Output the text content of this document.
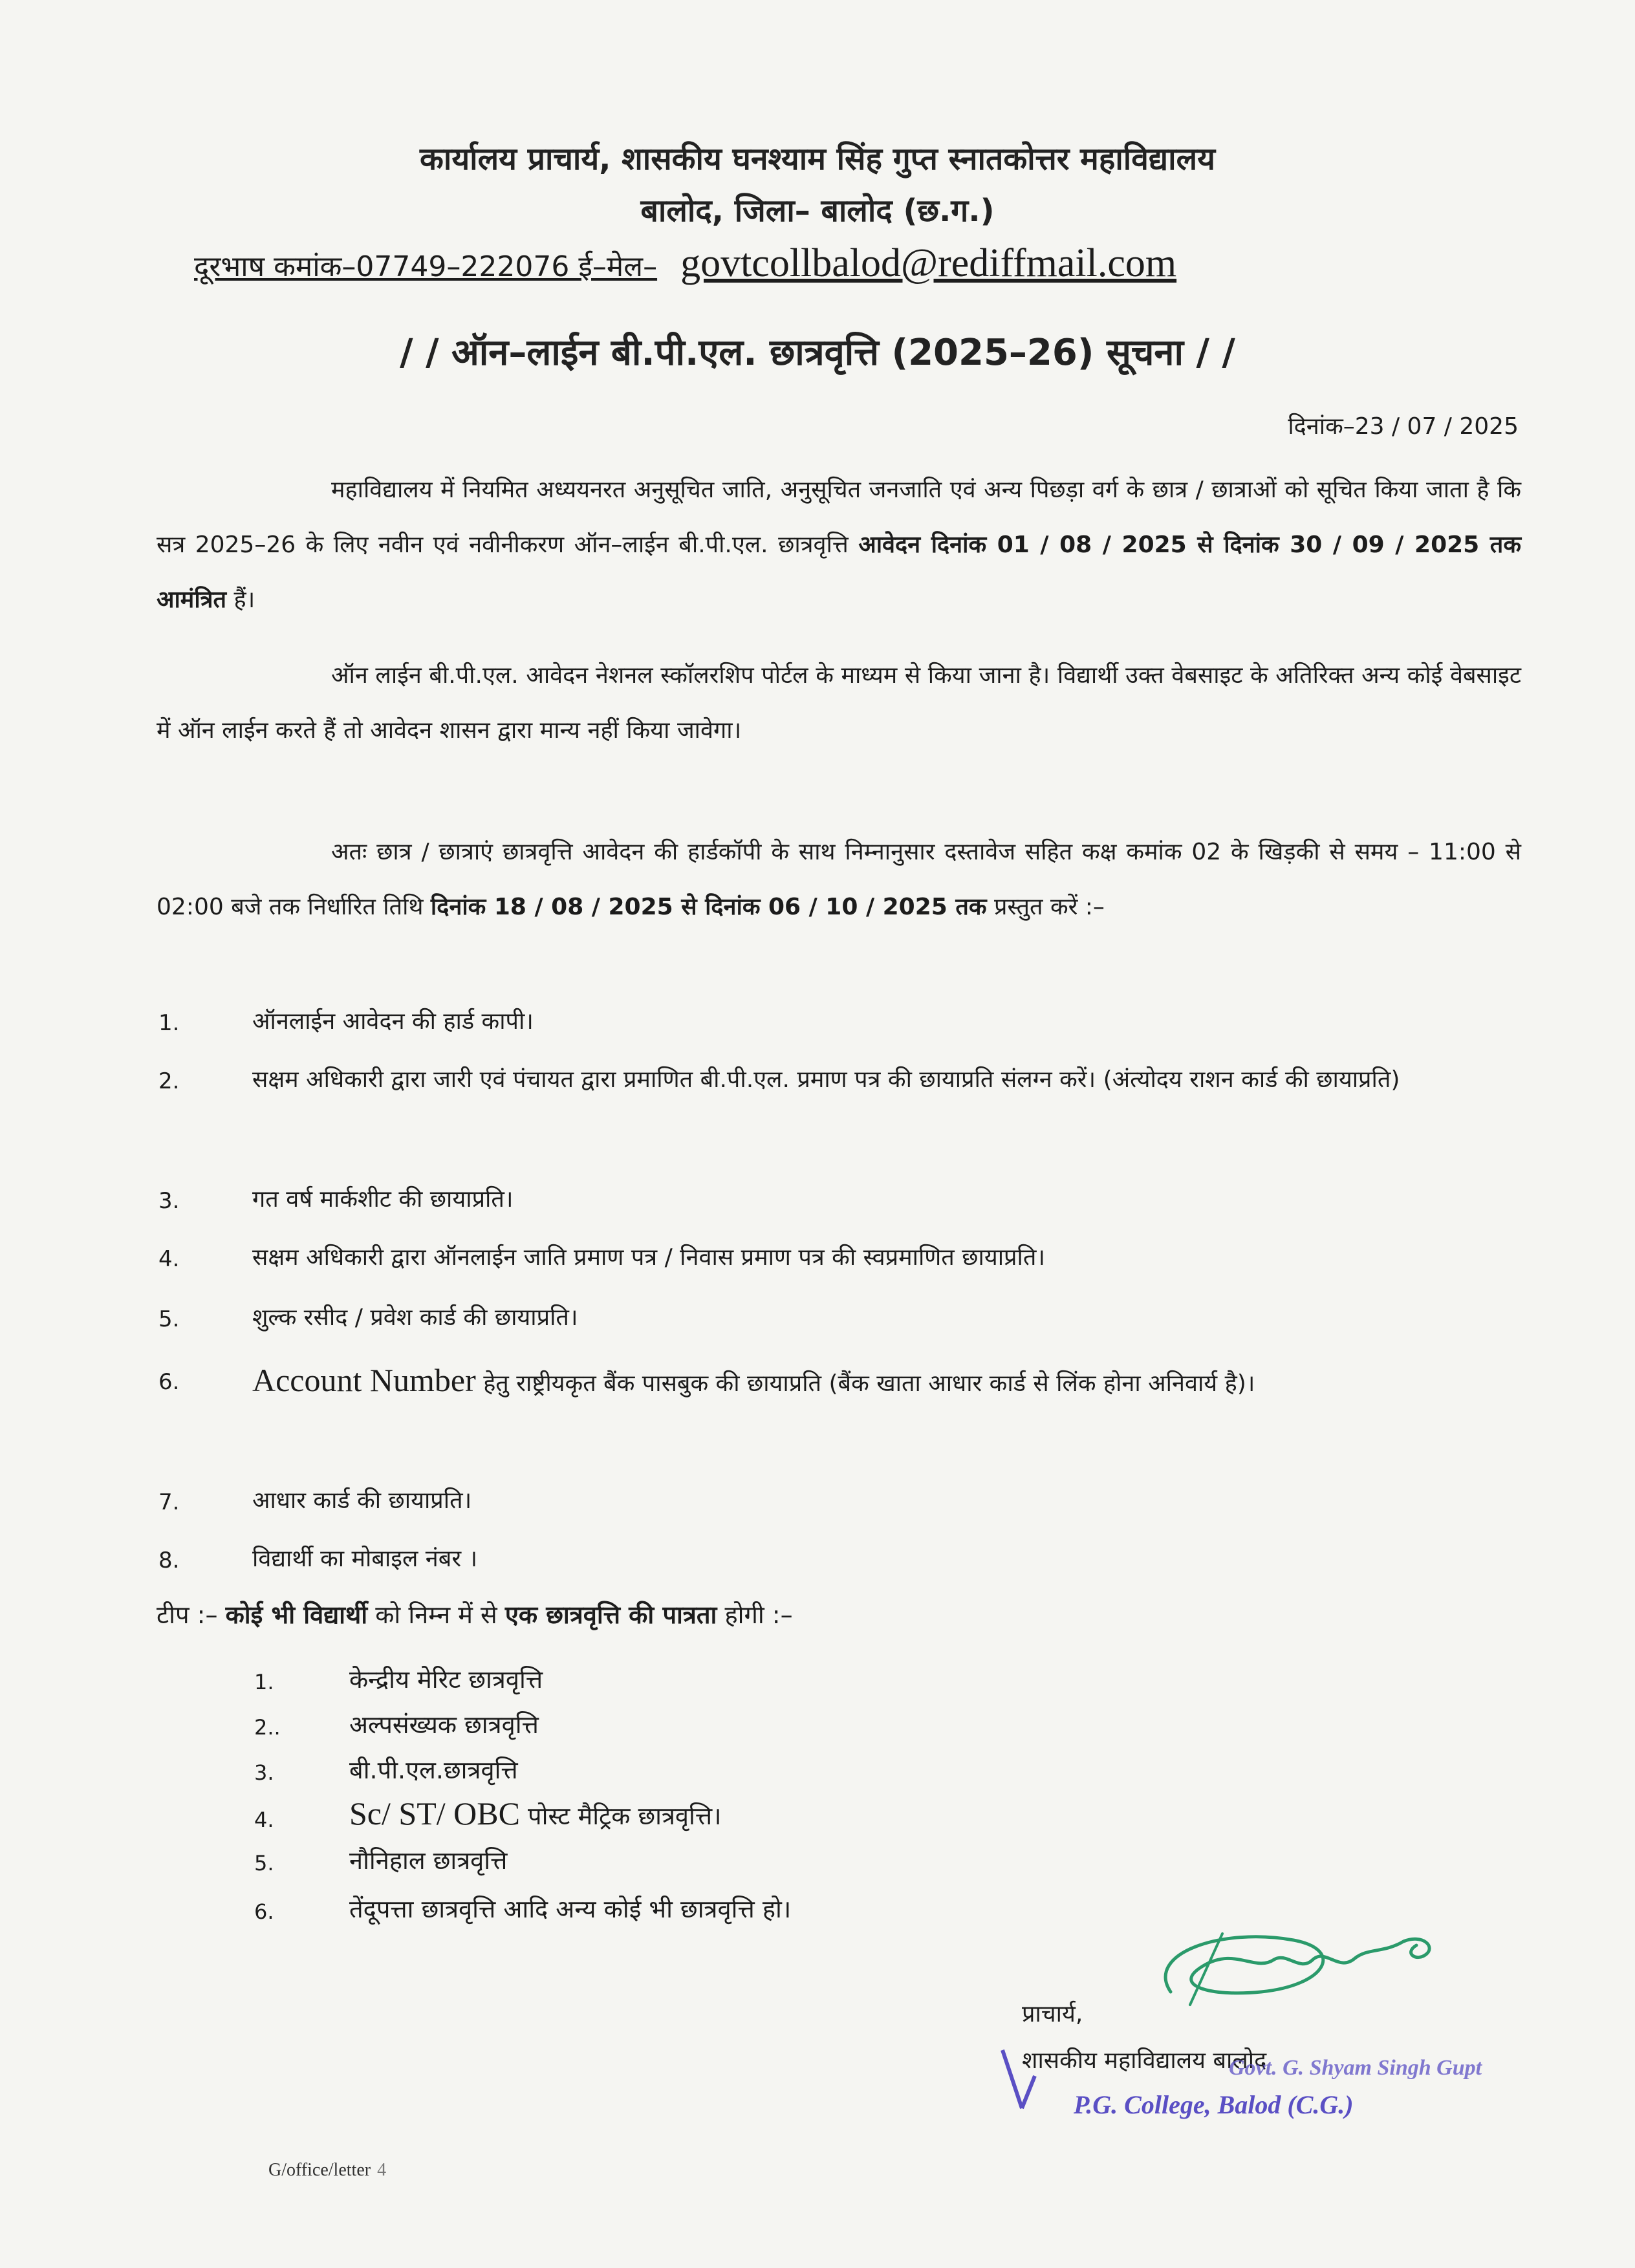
कार्यालय प्राचार्य, शासकीय घनश्याम सिंह गुप्त स्नातकोत्तर महाविद्यालय
बालोद, जिला– बालोद (छ.ग.)
दूरभाष कमांक–07749–222076 ई–मेल– govtcollbalod@rediffmail.com
/ / ऑन–लाईन बी.पी.एल. छात्रवृत्ति (2025–26) सूचना / /
दिनांक–23 / 07 / 2025
महाविद्यालय में नियमित अध्ययनरत अनुसूचित जाति, अनुसूचित जनजाति एवं अन्य पिछड़ा वर्ग के छात्र / छात्राओं को सूचित किया जाता है कि सत्र 2025–26 के लिए नवीन एवं नवीनीकरण ऑन–लाईन बी.पी.एल. छात्रवृत्ति आवेदन दिनांक 01 / 08 / 2025 से दिनांक 30 / 09 / 2025 तक आमंत्रित हैं।
ऑन लाईन बी.पी.एल. आवेदन नेशनल स्कॉलरशिप पोर्टल के माध्यम से किया जाना है। विद्यार्थी उक्त वेबसाइट के अतिरिक्त अन्य कोई वेबसाइट में ऑन लाईन करते हैं तो आवेदन शासन द्वारा मान्य नहीं किया जावेगा।
अतः छात्र / छात्राएं छात्रवृत्ति आवेदन की हार्डकॉपी के साथ निम्नानुसार दस्तावेज सहित कक्ष कमांक 02 के खिड़की से समय – 11:00 से 02:00 बजे तक निर्धारित तिथि दिनांक 18 / 08 / 2025 से दिनांक 06 / 10 / 2025 तक प्रस्तुत करें :–
1.	ऑनलाईन आवेदन की हार्ड कापी।
2.	सक्षम अधिकारी द्वारा जारी एवं पंचायत द्वारा प्रमाणित बी.पी.एल. प्रमाण पत्र की छायाप्रति संलग्न करें। (अंत्योदय राशन कार्ड की छायाप्रति)
3.	गत वर्ष मार्कशीट की छायाप्रति।
4.	सक्षम अधिकारी द्वारा ऑनलाईन जाति प्रमाण पत्र / निवास प्रमाण पत्र की स्वप्रमाणित छायाप्रति।
5.	शुल्क रसीद / प्रवेश कार्ड की छायाप्रति।
6. Account Number हेतु राष्ट्रीयकृत बैंक पासबुक की छायाप्रति (बैंक खाता आधार कार्ड से लिंक होना अनिवार्य है)।
7.	आधार कार्ड की छायाप्रति।
8.	विद्यार्थी का मोबाइल नंबर ।
टीप :– कोई भी विद्यार्थी को निम्न में से एक छात्रवृत्ति की पात्रता होगी :–
1.	केन्द्रीय मेरिट छात्रवृत्ति
2..	अल्पसंख्यक छात्रवृत्ति
3.	बी.पी.एल.छात्रवृत्ति
4. Sc/ ST/ OBC पोस्ट मैट्रिक छात्रवृत्ति।
5.	नौनिहाल छात्रवृत्ति
6.	तेंदूपत्ता छात्रवृत्ति आदि अन्य कोई भी छात्रवृत्ति हो।
प्राचार्य,
शासकीय महाविद्यालय बालोद
Govt. G. Shyam Singh Gupt
P.G. College, Balod (C.G.)
G/office/letter 4
